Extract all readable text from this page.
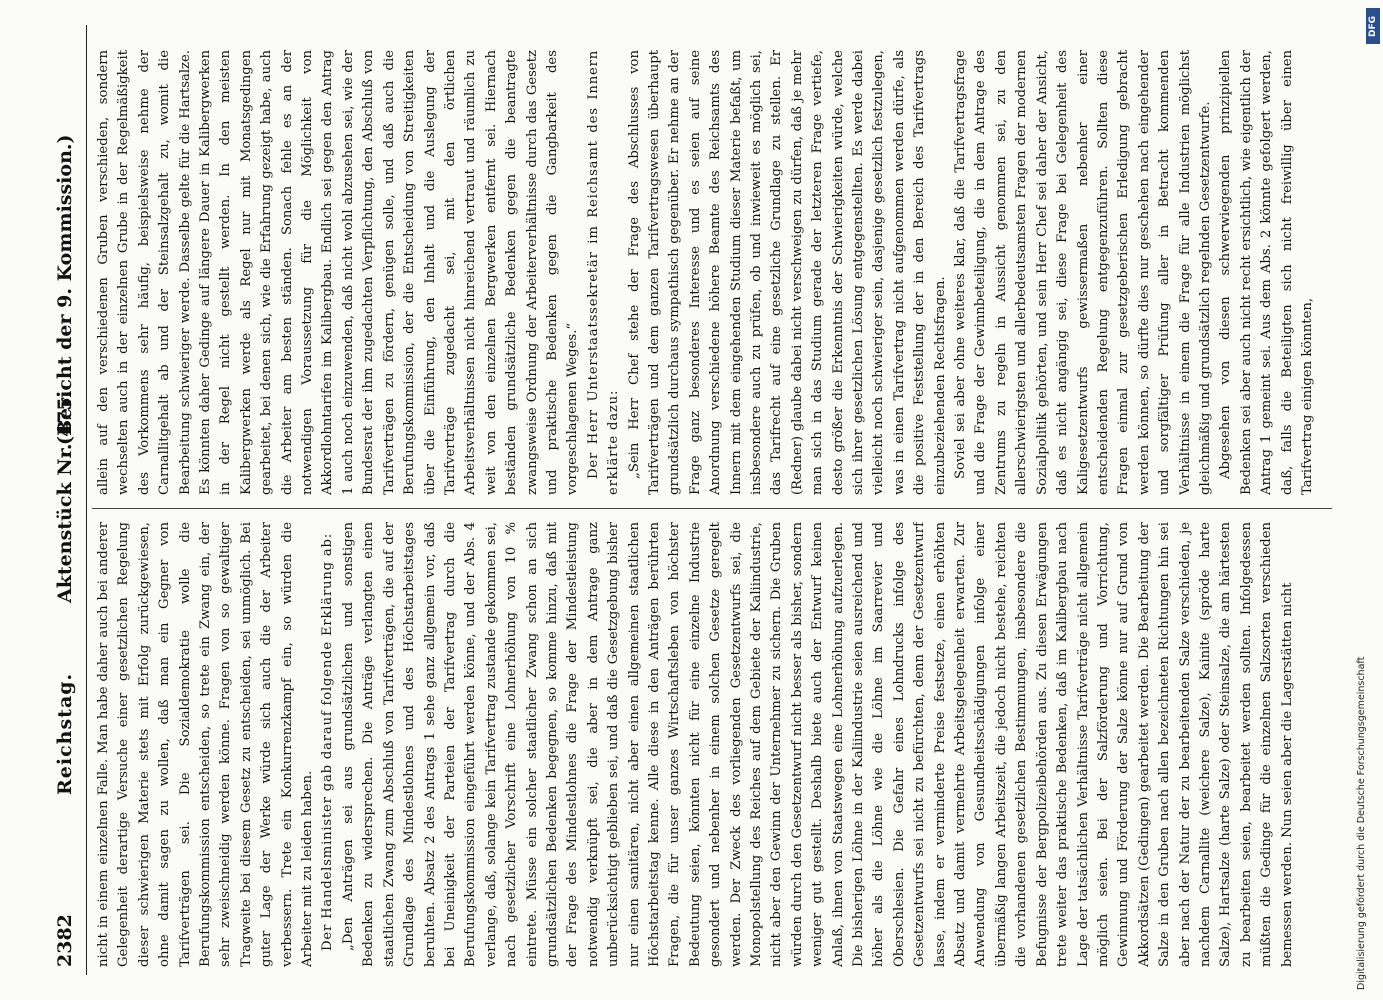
2382
Reichstag.
Aktenstück Nr. 475.
(Bericht der 9. Kommission.)

nicht in einem einzelnen Falle. Man habe daher auch bei anderer Gelegenheit derartige Versuche einer gesetzlichen Regelung dieser schwierigen Materie stets mit Erfolg zurückgewiesen, ohne damit sagen zu wollen, daß man ein Gegner von Tarifverträgen sei. Die Sozialdemokratie wolle die Berufungskommission entscheiden, so trete ein Zwang ein, der sehr zweischneidig werden könne. Fragen von so gewaltiger Tragweite bei diesem Gesetz zu entscheiden, sei unmöglich. Bei guter Lage der Werke würde sich auch die der Arbeiter verbessern. Trete ein Konkurrenzkampf ein, so würden die Arbeiter mit zu leiden haben. Der Handelsminister gab darauf folgende Erklärung ab: „Den Anträgen sei aus grundsätzlichen und sonstigen Bedenken zu widersprechen. Die Anträge verlangten einen staatlichen Zwang zum Abschluß von Tarifverträgen, die auf der Grundlage des Mindestlohnes und des Höchstarbeitstages beruhten. Absatz 2 des Antrags 1 sehe ganz allgemein vor, daß bei Uneinigkeit der Parteien der Tarifvertrag durch die Berufungskommission eingeführt werden könne, und der Abs. 4 verlange, daß, solange kein Tarifvertrag zustande gekommen sei, nach gesetzlicher Vorschrift eine Lohnerhöhung von 10 % eintrete. Müsse ein solcher staatlicher Zwang schon an sich grundsätzlichen Bedenken begegnen, so komme hinzu, daß mit der Frage des Mindestlohnes die Frage der Mindestleistung notwendig verknüpft sei, die aber in dem Antrage ganz unberücksichtigt geblieben sei, und daß die Gesetzgebung bisher nur einen sanitären, nicht aber einen allgemeinen staatlichen Höchstarbeitstag kenne. Alle diese in den Anträgen berührten Fragen, die für unser ganzes Wirtschaftsleben von höchster Bedeutung seien, könnten nicht für eine einzelne Industrie gesondert und nebenher in einem solchen Gesetze geregelt werden. Der Zweck des vorliegenden Gesetzentwurfs sei, die Monopolstellung des Reiches auf dem Gebiete der Kaliindustrie, nicht aber den Gewinn der Unternehmer zu sichern. Die Gruben würden durch den Gesetzentwurf nicht besser als bisher, sondern weniger gut gestellt. Deshalb biete auch der Entwurf keinen Anlaß, ihnen von Staatswegen eine Lohnerhöhung aufzuerlegen. Die bisherigen Löhne in der Kaliindustrie seien ausreichend und höher als die Löhne wie die Löhne im Saarrevier und Oberschlesien. Die Gefahr eines Lohndrucks infolge des Gesetzentwurfs sei nicht zu befürchten, denn der Gesetzentwurf lasse, indem er verminderte Preise festsetze, einen erhöhten Absatz und damit vermehrte Arbeitsgelegenheit erwarten. Zur Anwendung von Gesundheitsschädigungen infolge einer übermäßig langen Arbeitszeit, die jedoch nicht bestehe, reichten die vorhandenen gesetzlichen Bestimmungen, insbesondere die Befugnisse der Bergpolizeibehörden aus. Zu diesen Erwägungen trete weiter das praktische Bedenken, daß im Kalibergbau nach Lage der tatsächlichen Verhältnisse Tarifverträge nicht allgemein möglich seien. Bei der Salzförderung und Vorrichtung, Gewinnung und Förderung der Salze könne nur auf Grund von Akkordsätzen (Gedingen) gearbeitet werden. Die Bearbeitung der Salze in den Gruben nach allen bezeichneten Richtungen hin sei aber nach der Natur der zu bearbeitenden Salze verschieden, je nachdem Carnallite (weichere Salze), Kainite (spröde harte Salze), Hartsalze (harte Salze) oder Steinsalze, die am härtesten zu bearbeiten seien, bearbeitet werden sollten. Infolgedessen müßten die Gedinge für die einzelnen Salzsorten verschieden bemessen werden. Nun seien aber die Lagerstätten nicht

allein auf den verschiedenen Gruben verschieden, sondern wechselten auch in der einzelnen Grube in der Regelmäßigkeit des Vorkommens sehr häufig, beispielsweise nehme der Carnallitgehalt ab und der Steinsalzgehalt zu, womit die Bearbeitung schwieriger werde. Dasselbe gelte für die Hartsalze. Es könnten daher Gedinge auf längere Dauer in Kalibergwerken in der Regel nicht gestellt werden. In den meisten Kalibergwerken werde als Regel nur mit Monatsgedingen gearbeitet, bei denen sich, wie die Erfahrung gezeigt habe, auch die Arbeiter am besten ständen. Sonach fehle es an der notwendigen Voraussetzung für die Möglichkeit von Akkordlohntarifen im Kalibergbau. Endlich sei gegen den Antrag 1 auch noch einzuwenden, daß nicht wohl abzusehen sei, wie der Bundesrat der ihm zugedachten Verpflichtung, den Abschluß von Tarifverträgen zu fördern, genügen solle, und daß auch die Berufungskommission, der die Entscheidung von Streitigkeiten über die Einführung, den Inhalt und die Auslegung der Tarifverträge zugedacht sei, mit den örtlichen Arbeitsverhältnissen nicht hinreichend vertraut und räumlich zu weit von den einzelnen Bergwerken entfernt sei. Hiernach beständen grundsätzliche Bedenken gegen die beantragte zwangsweise Ordnung der Arbeiterverhältnisse durch das Gesetz und praktische Bedenken gegen die Gangbarkeit des vorgeschlagenen Weges.“ Der Herr Unterstaatssekretär im Reichsamt des Innern erklärte dazu: „Sein Herr Chef stehe der Frage des Abschlusses von Tarifverträgen und dem ganzen Tarifvertragswesen überhaupt grundsätzlich durchaus sympathisch gegenüber. Er nehme an der Frage ganz besonderes Interesse und es seien auf seine Anordnung verschiedene höhere Beamte des Reichsamts des Innern mit dem eingehenden Studium dieser Materie befaßt, um insbesondere auch zu prüfen, ob und inwieweit es möglich sei, das Tarifrecht auf eine gesetzliche Grundlage zu stellen. Er (Redner) glaube dabei nicht verschweigen zu dürfen, daß je mehr man sich in das Studium gerade der letzteren Frage vertiefe, desto größer die Erkenntnis der Schwierigkeiten würde, welche sich ihrer gesetzlichen Lösung entgegenstellten. Es werde dabei vielleicht noch schwieriger sein, dasjenige gesetzlich festzulegen, was in einen Tarifvertrag nicht aufgenommen werden dürfe, als die positive Feststellung der in den Bereich des Tarifvertrags einzubeziehenden Rechtsfragen. Soviel sei aber ohne weiteres klar, daß die Tarifvertragsfrage und die Frage der Gewinnbeteiligung, die in dem Antrage des Zentrums zu regeln in Aussicht genommen sei, zu den allerschwierigsten und allerbedeutsamsten Fragen der modernen Sozialpolitik gehörten, und sein Herr Chef sei daher der Ansicht, daß es nicht angängig sei, diese Frage bei Gelegenheit des Kaligesetzentwurfs gewissermaßen nebenher einer entscheidenden Regelung entgegenzuführen. Sollten diese Fragen einmal zur gesetzgeberischen Erledigung gebracht werden können, so dürfte dies nur geschehen nach eingehender und sorgfältiger Prüfung aller in Betracht kommenden Verhältnisse in einem die Frage für alle Industrien möglichst gleichmäßig und grundsätzlich regelnden Gesetzentwurfe. Abgesehen von diesen schwerwiegenden prinzipiellen Bedenken sei aber auch nicht recht ersichtlich, wie eigentlich der Antrag 1 gemeint sei. Aus dem Abs. 2 könnte gefolgert werden, daß, falls die Beteiligten sich nicht freiwillig über einen Tarifvertrag einigen könnten,

Digitalisierung gefördert durch die Deutsche Forschungsgemeinschaft
DFG
